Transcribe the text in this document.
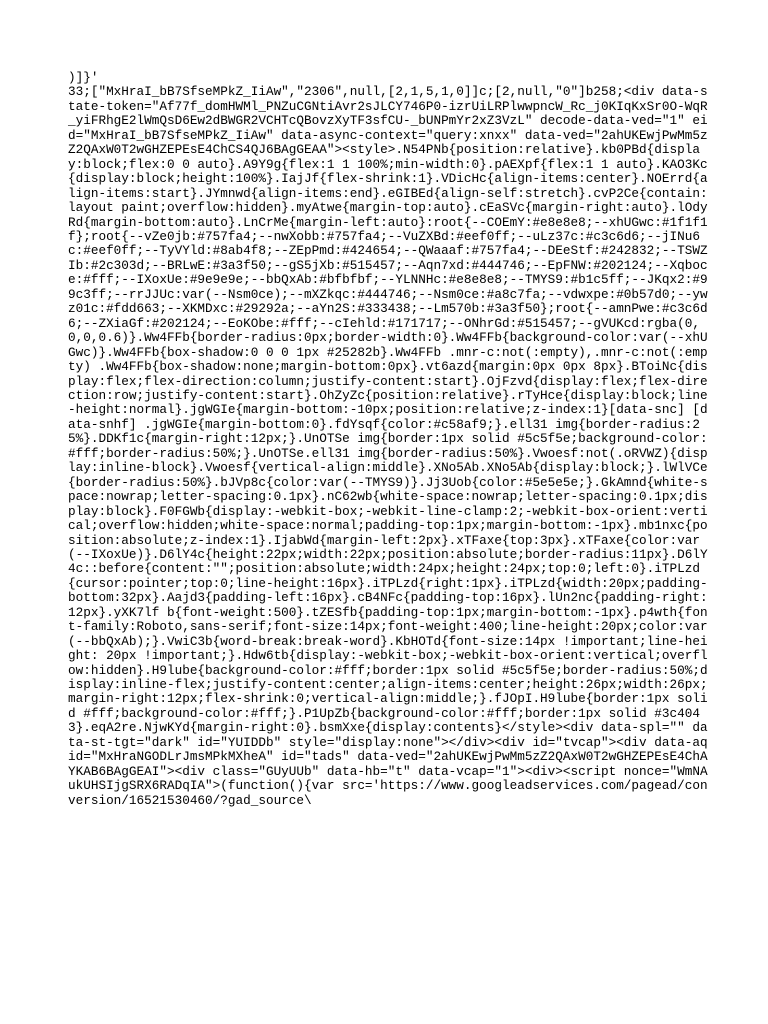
)]}'
33;["MxHraI_bB7SfseMPkZ_IiAw","2306",null,[2,1,5,1,0]]c;[2,null,"0"]b258;<div data-state-token="Af77f_domHWMl_PNZuCGNtiAvr2sJLCY746P0-izrUiLRPlwwpncW_Rc_j0KIqKxSr0O-WqR_yiFRhgE2lWmQsD6Ew2dBWGR2VCHTcQBovzXyTF3sfCU-_bUNPmYr2xZ3VzL" decode-data-ved="1" eid="MxHraI_bB7SfseMPkZ_IiAw" data-async-context="query:xnxx" data-ved="2ahUKEwjPwMm5zZ2QAxW0T2wGHZEPEsE4ChCS4QJ6BAgGEAA"><style>.N54PNb{position:relative}.kb0PBd{display:block;flex:0 0 auto}.A9Y9g{flex:1 1 100%;min-width:0}.pAEXpf{flex:1 1 auto}.KAO3Kc{display:block;height:100%}.IajJf{flex-shrink:1}.VDicHc{align-items:center}.NOErrd{align-items:start}.JYmnwd{align-items:end}.eGIBEd{align-self:stretch}.cvP2Ce{contain:layout paint;overflow:hidden}.myAtwe{margin-top:auto}.cEaSVc{margin-right:auto}.lOdyRd{margin-bottom:auto}.LnCrMe{margin-left:auto}:root{--COEmY:#e8e8e8;--xhUGwc:#1f1f1f};root{--vZe0jb:#757fa4;--nwXobb:#757fa4;--VuZXBd:#eef0ff;--uLz37c:#c3c6d6;--jINu6c:#eef0ff;--TyVYld:#8ab4f8;--ZEpPmd:#424654;--QWaaaf:#757fa4;--DEeStf:#242832;--TSWZIb:#2c303d;--BRLwE:#3a3f50;--gS5jXb:#515457;--Aqn7xd:#444746;--EpFNW:#202124;--Xqboce:#fff;--IXoxUe:#9e9e9e;--bbQxAb:#bfbfbf;--YLNNHc:#e8e8e8;--TMYS9:#b1c5ff;--JKqx2:#99c3ff;--rrJJUc:var(--Nsm0ce);--mXZkqc:#444746;--Nsm0ce:#a8c7fa;--vdwxpe:#0b57d0;--ywz01c:#fdd663;--XKMDxc:#29292a;--aYn2S:#333438;--Lm570b:#3a3f50};root{--amnPwe:#c3c6d6;--ZXiaGf:#202124;--EoKObe:#fff;--cIehld:#171717;--ONhrGd:#515457;--gVUKcd:rgba(0,0,0,0.6)}.Ww4FFb{border-radius:0px;border-width:0}.Ww4FFb{background-color:var(--xhUGwc)}.Ww4FFb{box-shadow:0 0 0 1px #25282b}.Ww4FFb .mnr-c:not(:empty),.mnr-c:not(:empty) .Ww4FFb{box-shadow:none;margin-bottom:0px}.vt6azd{margin:0px 0px 8px}.BToiNc{display:flex;flex-direction:column;justify-content:start}.OjFzvd{display:flex;flex-direction:row;justify-content:start}.OhZyZc{position:relative}.rTyHce{display:block;line-height:normal}.jgWGIe{margin-bottom:-10px;position:relative;z-index:1}[data-snc] [data-snhf] .jgWGIe{margin-bottom:0}.fdYsqf{color:#c58af9;}.ell31 img{border-radius:25%}.DDKf1c{margin-right:12px;}.UnOTSe img{border:1px solid #5c5f5e;background-color:#fff;border-radius:50%;}.UnOTSe.ell31 img{border-radius:50%}.Vwoesf:not(.oRVWZ){display:inline-block}.Vwoesf{vertical-align:middle}.XNo5Ab.XNo5Ab{display:block;}.lWlVCe{border-radius:50%}.bJVp8c{color:var(--TMYS9)}.Jj3Uob{color:#5e5e5e;}.GkAmnd{white-space:nowrap;letter-spacing:0.1px}.nC62wb{white-space:nowrap;letter-spacing:0.1px;display:block}.F0FGWb{display:-webkit-box;-webkit-line-clamp:2;-webkit-box-orient:vertical;overflow:hidden;white-space:normal;padding-top:1px;margin-bottom:-1px}.mb1nxc{position:absolute;z-index:1}.IjabWd{margin-left:2px}.xTFaxe{top:3px}.xTFaxe{color:var(--IXoxUe)}.D6lY4c{height:22px;width:22px;position:absolute;border-radius:11px}.D6lY4c::before{content:"";position:absolute;width:24px;height:24px;top:0;left:0}.iTPLzd{cursor:pointer;top:0;line-height:16px}.iTPLzd{right:1px}.iTPLzd{width:20px;padding-bottom:32px}.Aajd3{padding-left:16px}.cB4NFc{padding-top:16px}.lUn2nc{padding-right:12px}.yXK7lf b{font-weight:500}.tZESfb{padding-top:1px;margin-bottom:-1px}.p4wth{font-family:Roboto,sans-serif;font-size:14px;font-weight:400;line-height:20px;color:var(--bbQxAb);}.VwiC3b{word-break:break-word}.KbHOTd{font-size:14px !important;line-height: 20px !important;}.Hdw6tb{display:-webkit-box;-webkit-box-orient:vertical;overflow:hidden}.H9lube{background-color:#fff;border:1px solid #5c5f5e;border-radius:50%;display:inline-flex;justify-content:center;align-items:center;height:26px;width:26px;margin-right:12px;flex-shrink:0;vertical-align:middle;}.fJOpI.H9lube{border:1px solid #fff;background-color:#fff;}.P1UpZb{background-color:#fff;border:1px solid #3c4043}.eqA2re.NjwKYd{margin-right:0}.bsmXxe{display:contents}</style><div data-spl="" data-st-tgt="dark" id="YUIDDb" style="display:none"></div><div id="tvcap"><div data-aqid="MxHraNGODLrJmsMPkMXheA" id="tads" data-ved="2ahUKEwjPwMm5zZ2QAxW0T2wGHZEPEsE4ChAYKAB6BAgGEAI"><div class="GUyUUb" data-hb="t" data-vcap="1"><div><script nonce="WmNAukUHSIjgSRX6RADqIA">(function(){var src='https://www.googleadservices.com/pagead/conversion/16521530460/?gad_source\
